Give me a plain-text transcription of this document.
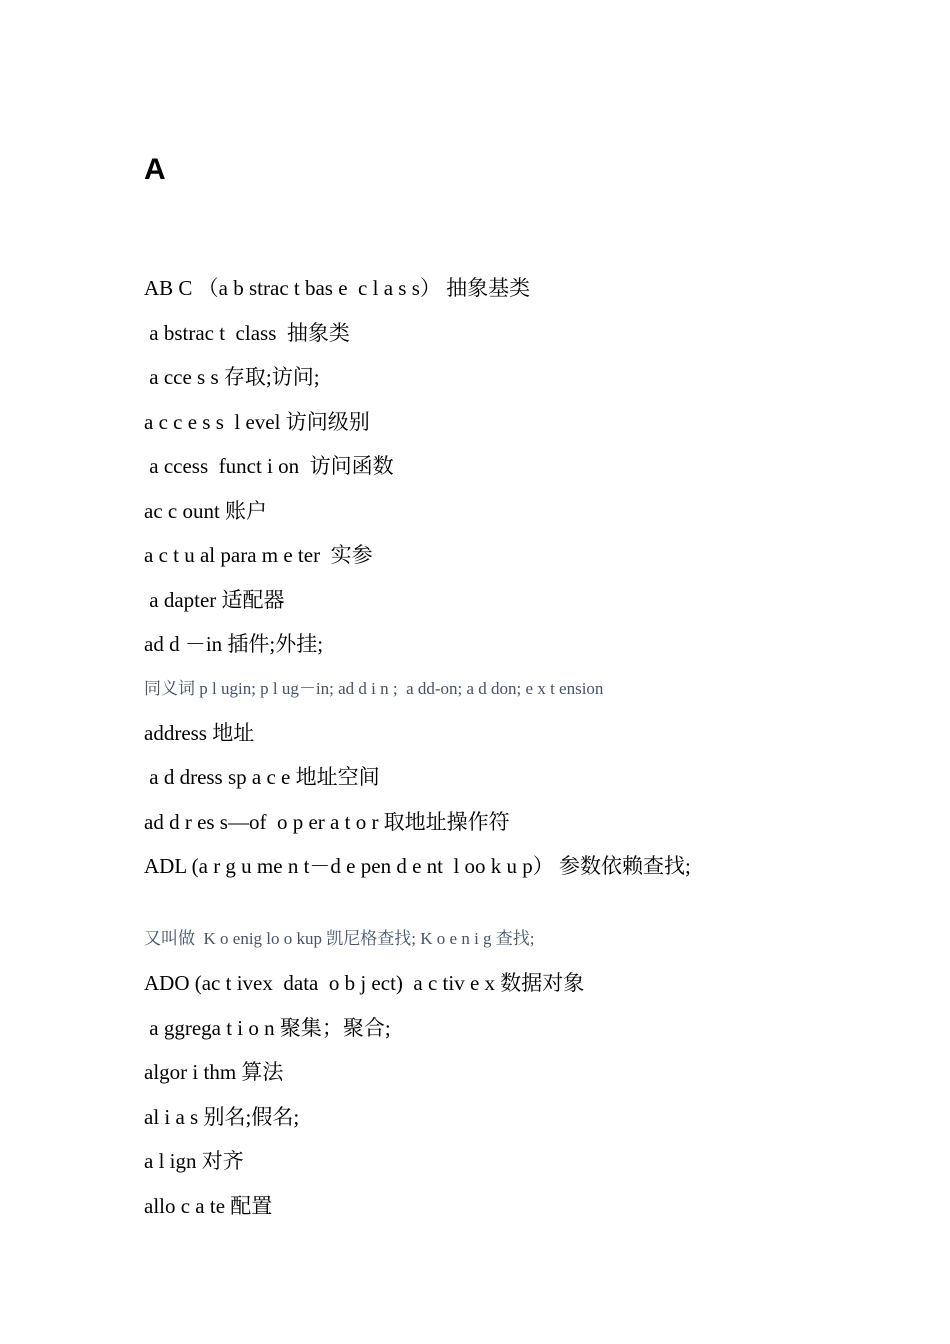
A

AB C （a b strac t bas e  c l a s s） 抽象基类

a bstrac t  class  抽象类

a cce s s 存取;访问;

a c c e s s  l evel 访问级别

a ccess  funct i on  访问函数

ac c ount 账户

a c t u al para m e ter  实参

a dapter 适配器

ad d －in 插件;外挂;

同义词 p l ugin; p l ug－in; ad d i n ;  a dd-on; a d don; e x t ension

address 地址

a d dress sp a c e 地址空间

ad d r es s—of  o p er a t o r 取地址操作符

ADL (a r g u me n t－d e pen d e nt  l oo k u p） 参数依赖查找;

又叫做  K o enig lo o kup 凯尼格查找; K o e n i g 查找;

ADO (ac t ivex  data  o b j ect)  a c tiv e x 数据对象

a ggrega t i o n 聚集；聚合;

algor i thm 算法

al i a s 别名;假名;

a l ign 对齐

allo c a te 配置
